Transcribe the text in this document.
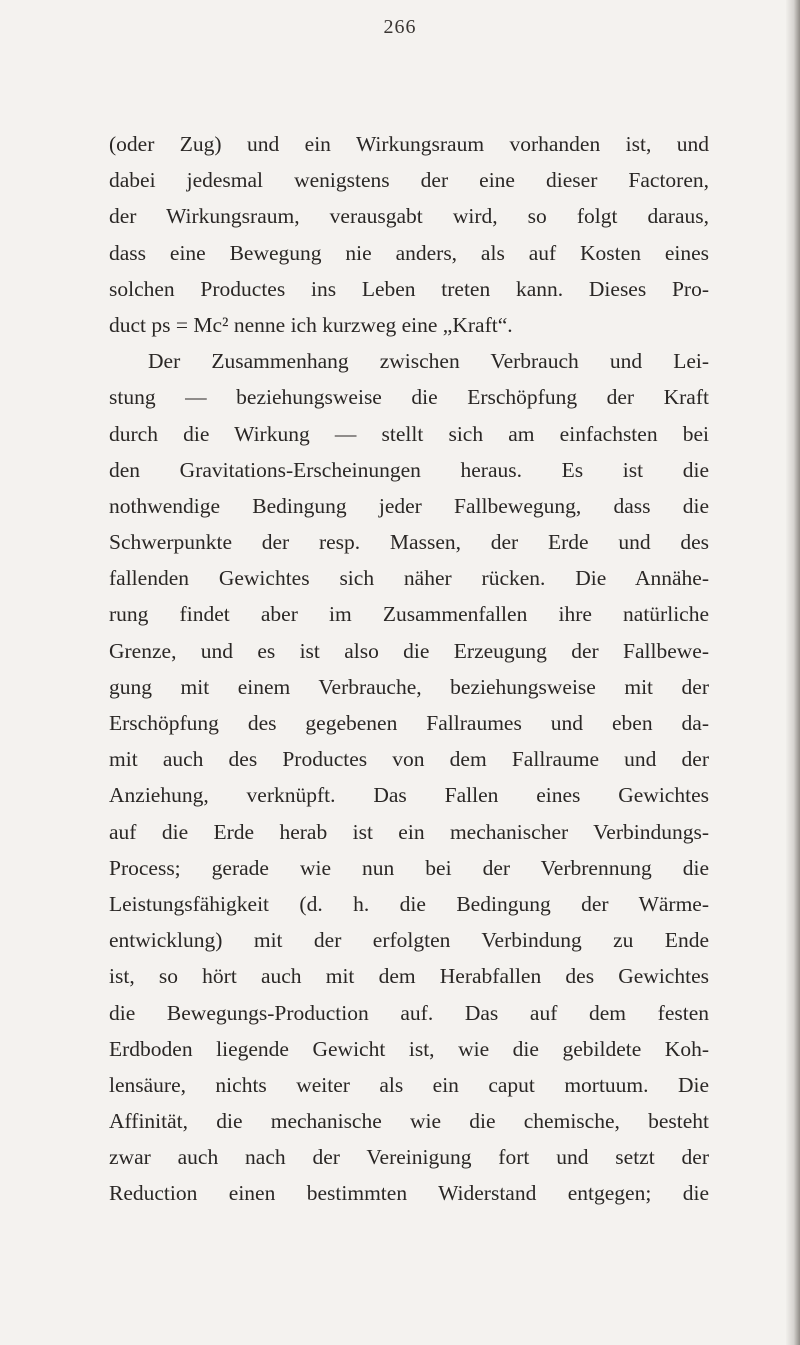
266
(oder Zug) und ein Wirkungsraum vorhanden ist, und
dabei jedesmal wenigstens der eine dieser Factoren,
der Wirkungsraum, verausgabt wird, so folgt daraus,
dass eine Bewegung nie anders, als auf Kosten eines
solchen Productes ins Leben treten kann. Dieses Pro-
duct ps = Mc² nenne ich kurzweg eine „Kraft“.
Der Zusammenhang zwischen Verbrauch und Lei-
stung — beziehungsweise die Erschöpfung der Kraft
durch die Wirkung — stellt sich am einfachsten bei
den Gravitations-Erscheinungen heraus. Es ist die
nothwendige Bedingung jeder Fallbewegung, dass die
Schwerpunkte der resp. Massen, der Erde und des
fallenden Gewichtes sich näher rücken. Die Annähe-
rung findet aber im Zusammenfallen ihre natürliche
Grenze, und es ist also die Erzeugung der Fallbewe-
gung mit einem Verbrauche, beziehungsweise mit der
Erschöpfung des gegebenen Fallraumes und eben da-
mit auch des Productes von dem Fallraume und der
Anziehung, verknüpft. Das Fallen eines Gewichtes
auf die Erde herab ist ein mechanischer Verbindungs-
Process; gerade wie nun bei der Verbrennung die
Leistungsfähigkeit (d. h. die Bedingung der Wärme-
entwicklung) mit der erfolgten Verbindung zu Ende
ist, so hört auch mit dem Herabfallen des Gewichtes
die Bewegungs-Production auf. Das auf dem festen
Erdboden liegende Gewicht ist, wie die gebildete Koh-
lensäure, nichts weiter als ein caput mortuum. Die
Affinität, die mechanische wie die chemische, besteht
zwar auch nach der Vereinigung fort und setzt der
Reduction einen bestimmten Widerstand entgegen; die
